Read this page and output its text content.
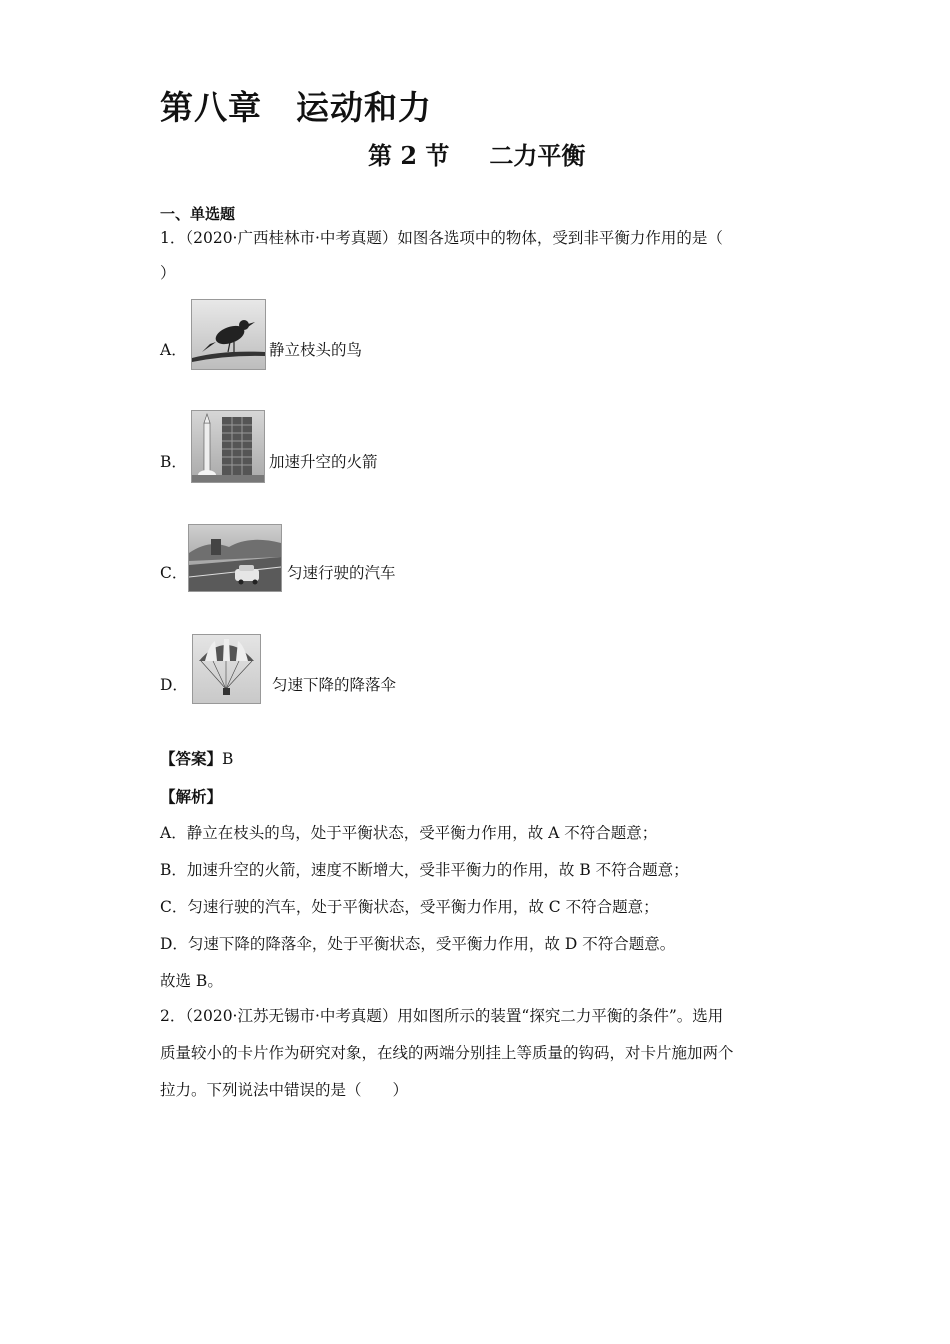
第八章　运动和力
第 2 节 二力平衡
一、单选题
1．（2020·广西桂林市·中考真题）如图各选项中的物体，受到非平衡力作用的是（
）
A．	静立枝头的鸟
B．	加速升空的火箭
C．	匀速行驶的汽车
D．	匀速下降的降落伞
【答案】B
【解析】
A．静立在枝头的鸟，处于平衡状态，受平衡力作用，故 A 不符合题意；
B．加速升空的火箭，速度不断增大，受非平衡力的作用，故 B 不符合题意；
C．匀速行驶的汽车，处于平衡状态，受平衡力作用，故 C 不符合题意；
D．匀速下降的降落伞，处于平衡状态，受平衡力作用，故 D 不符合题意。
故选 B。
2．（2020·江苏无锡市·中考真题）用如图所示的装置“探究二力平衡的条件”。选用
质量较小的卡片作为研究对象，在线的两端分别挂上等质量的钩码，对卡片施加两个
拉力。下列说法中错误的是（　　）
